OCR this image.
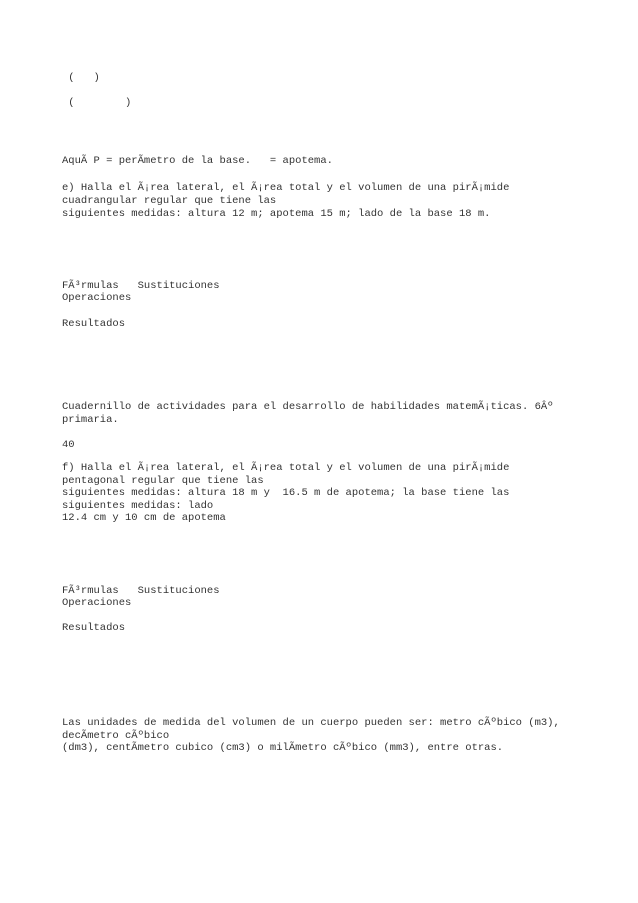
(   )
(        )
AquÃ P = perÃmetro de la base.   = apotema.
e) Halla el Ã¡rea lateral, el Ã¡rea total y el volumen de una pirÃ¡mide
cuadrangular regular que tiene las
siguientes medidas: altura 12 m; apotema 15 m; lado de la base 18 m.
FÃ³rmulas   Sustituciones
Operaciones
Resultados
Cuadernillo de actividades para el desarrollo de habilidades matemÃ¡ticas. 6Âº
primaria.
40
f) Halla el Ã¡rea lateral, el Ã¡rea total y el volumen de una pirÃ¡mide
pentagonal regular que tiene las
siguientes medidas: altura 18 m y  16.5 m de apotema; la base tiene las
siguientes medidas: lado
12.4 cm y 10 cm de apotema
FÃ³rmulas   Sustituciones
Operaciones
Resultados
Las unidades de medida del volumen de un cuerpo pueden ser: metro cÃºbico (m3),
decÃmetro cÃºbico
(dm3), centÃmetro cubico (cm3) o milÃmetro cÃºbico (mm3), entre otras.
